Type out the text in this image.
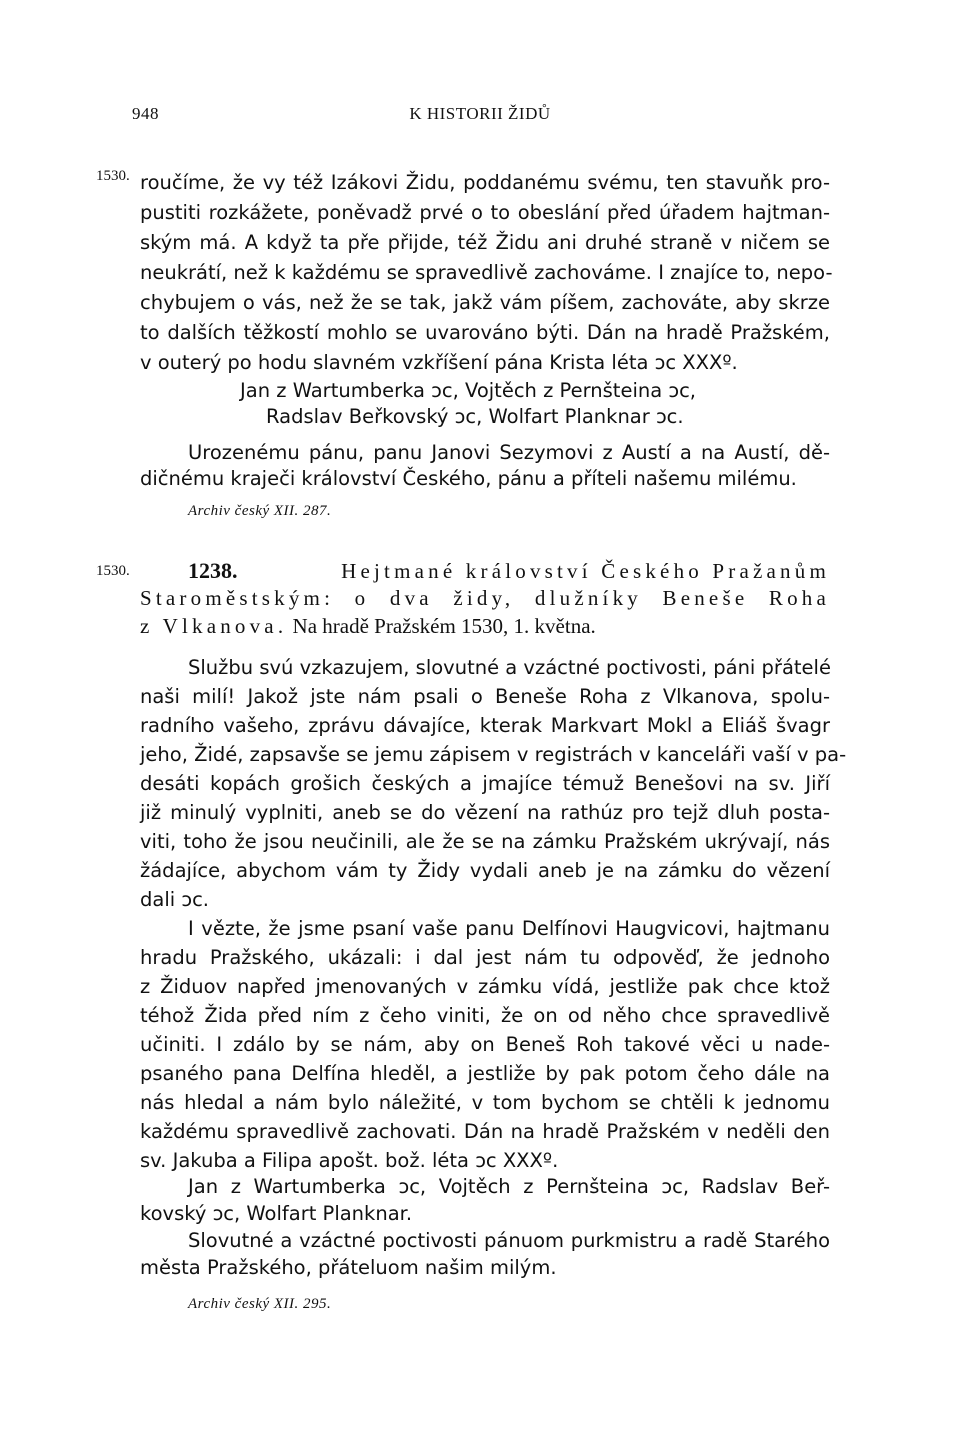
948	K HISTORII ŽIDŮ
1530.
1530.
roučíme, že vy též Izákovi Židu, poddanému svému, ten stavuňk pro-
pustiti rozkážete, poněvadž prvé o to obeslání před úřadem hajtman-
ským má. A když ta pře přijde, též Židu ani druhé straně v ničem se
neukrátí, než k každému se spravedlivě zachováme. I znajíce to, nepo-
chybujem o vás, než že se tak, jakž vám píšem, zachováte, aby skrze
to dalších těžkostí mohlo se uvarováno býti. Dán na hradě Pražském,
v outerý po hodu slavném vzkříšení pána Krista léta ɔc XXXº.
Jan z Wartumberka ɔc, Vojtěch z Pernšteina ɔc,
Radslav Beřkovský ɔc, Wolfart Planknar ɔc.
Urozenému pánu, panu Janovi Sezymovi z Austí a na Austí, dě-
dičnému kraječi království Českého, pánu a příteli našemu milému.
Archiv český XII. 287.
1238.	Hejtmané království Českého Pražanům
Staroměstským: o dva židy, dlužníky Beneše Roha
z Vlkanova. Na hradě Pražském 1530, 1. května.
Službu svú vzkazujem, slovutné a vzáctné poctivosti, páni přátelé
naši milí! Jakož jste nám psali o Beneše Roha z Vlkanova, spolu-
radního vašeho, zprávu dávajíce, kterak Markvart Mokl a Eliáš švagr
jeho, Židé, zapsavše se jemu zápisem v registrách v kanceláři vaší v pa-
desáti kopách grošich českých a jmajíce témuž Benešovi na sv. Jiří
již minulý vyplniti, aneb se do vězení na rathúz pro tejž dluh posta-
viti, toho že jsou neučinili, ale že se na zámku Pražském ukrývají, nás
žádajíce, abychom vám ty Židy vydali aneb je na zámku do vězení
dali ɔc.
I vězte, že jsme psaní vaše panu Delfínovi Haugvicovi, hajtmanu
hradu Pražského, ukázali: i dal jest nám tu odpověď, že jednoho
z Židuov napřed jmenovaných v zámku vídá, jestliže pak chce ktož
téhož Žida před ním z čeho viniti, že on od něho chce spravedlivě
učiniti. I zdálo by se nám, aby on Beneš Roh takové věci u nade-
psaného pana Delfína hleděl, a jestliže by pak potom čeho dále na
nás hledal a nám bylo náležité, v tom bychom se chtěli k jednomu
každému spravedlivě zachovati. Dán na hradě Pražském v neděli den
sv. Jakuba a Filipa apošt. bož. léta ɔc XXXº.
Jan z Wartumberka ɔc, Vojtěch z Pernšteina ɔc, Radslav Beř-
kovský ɔc, Wolfart Planknar.
Slovutné a vzáctné poctivosti pánuom purkmistru a radě Starého
města Pražského, přáteluom našim milým.
Archiv český XII. 295.
